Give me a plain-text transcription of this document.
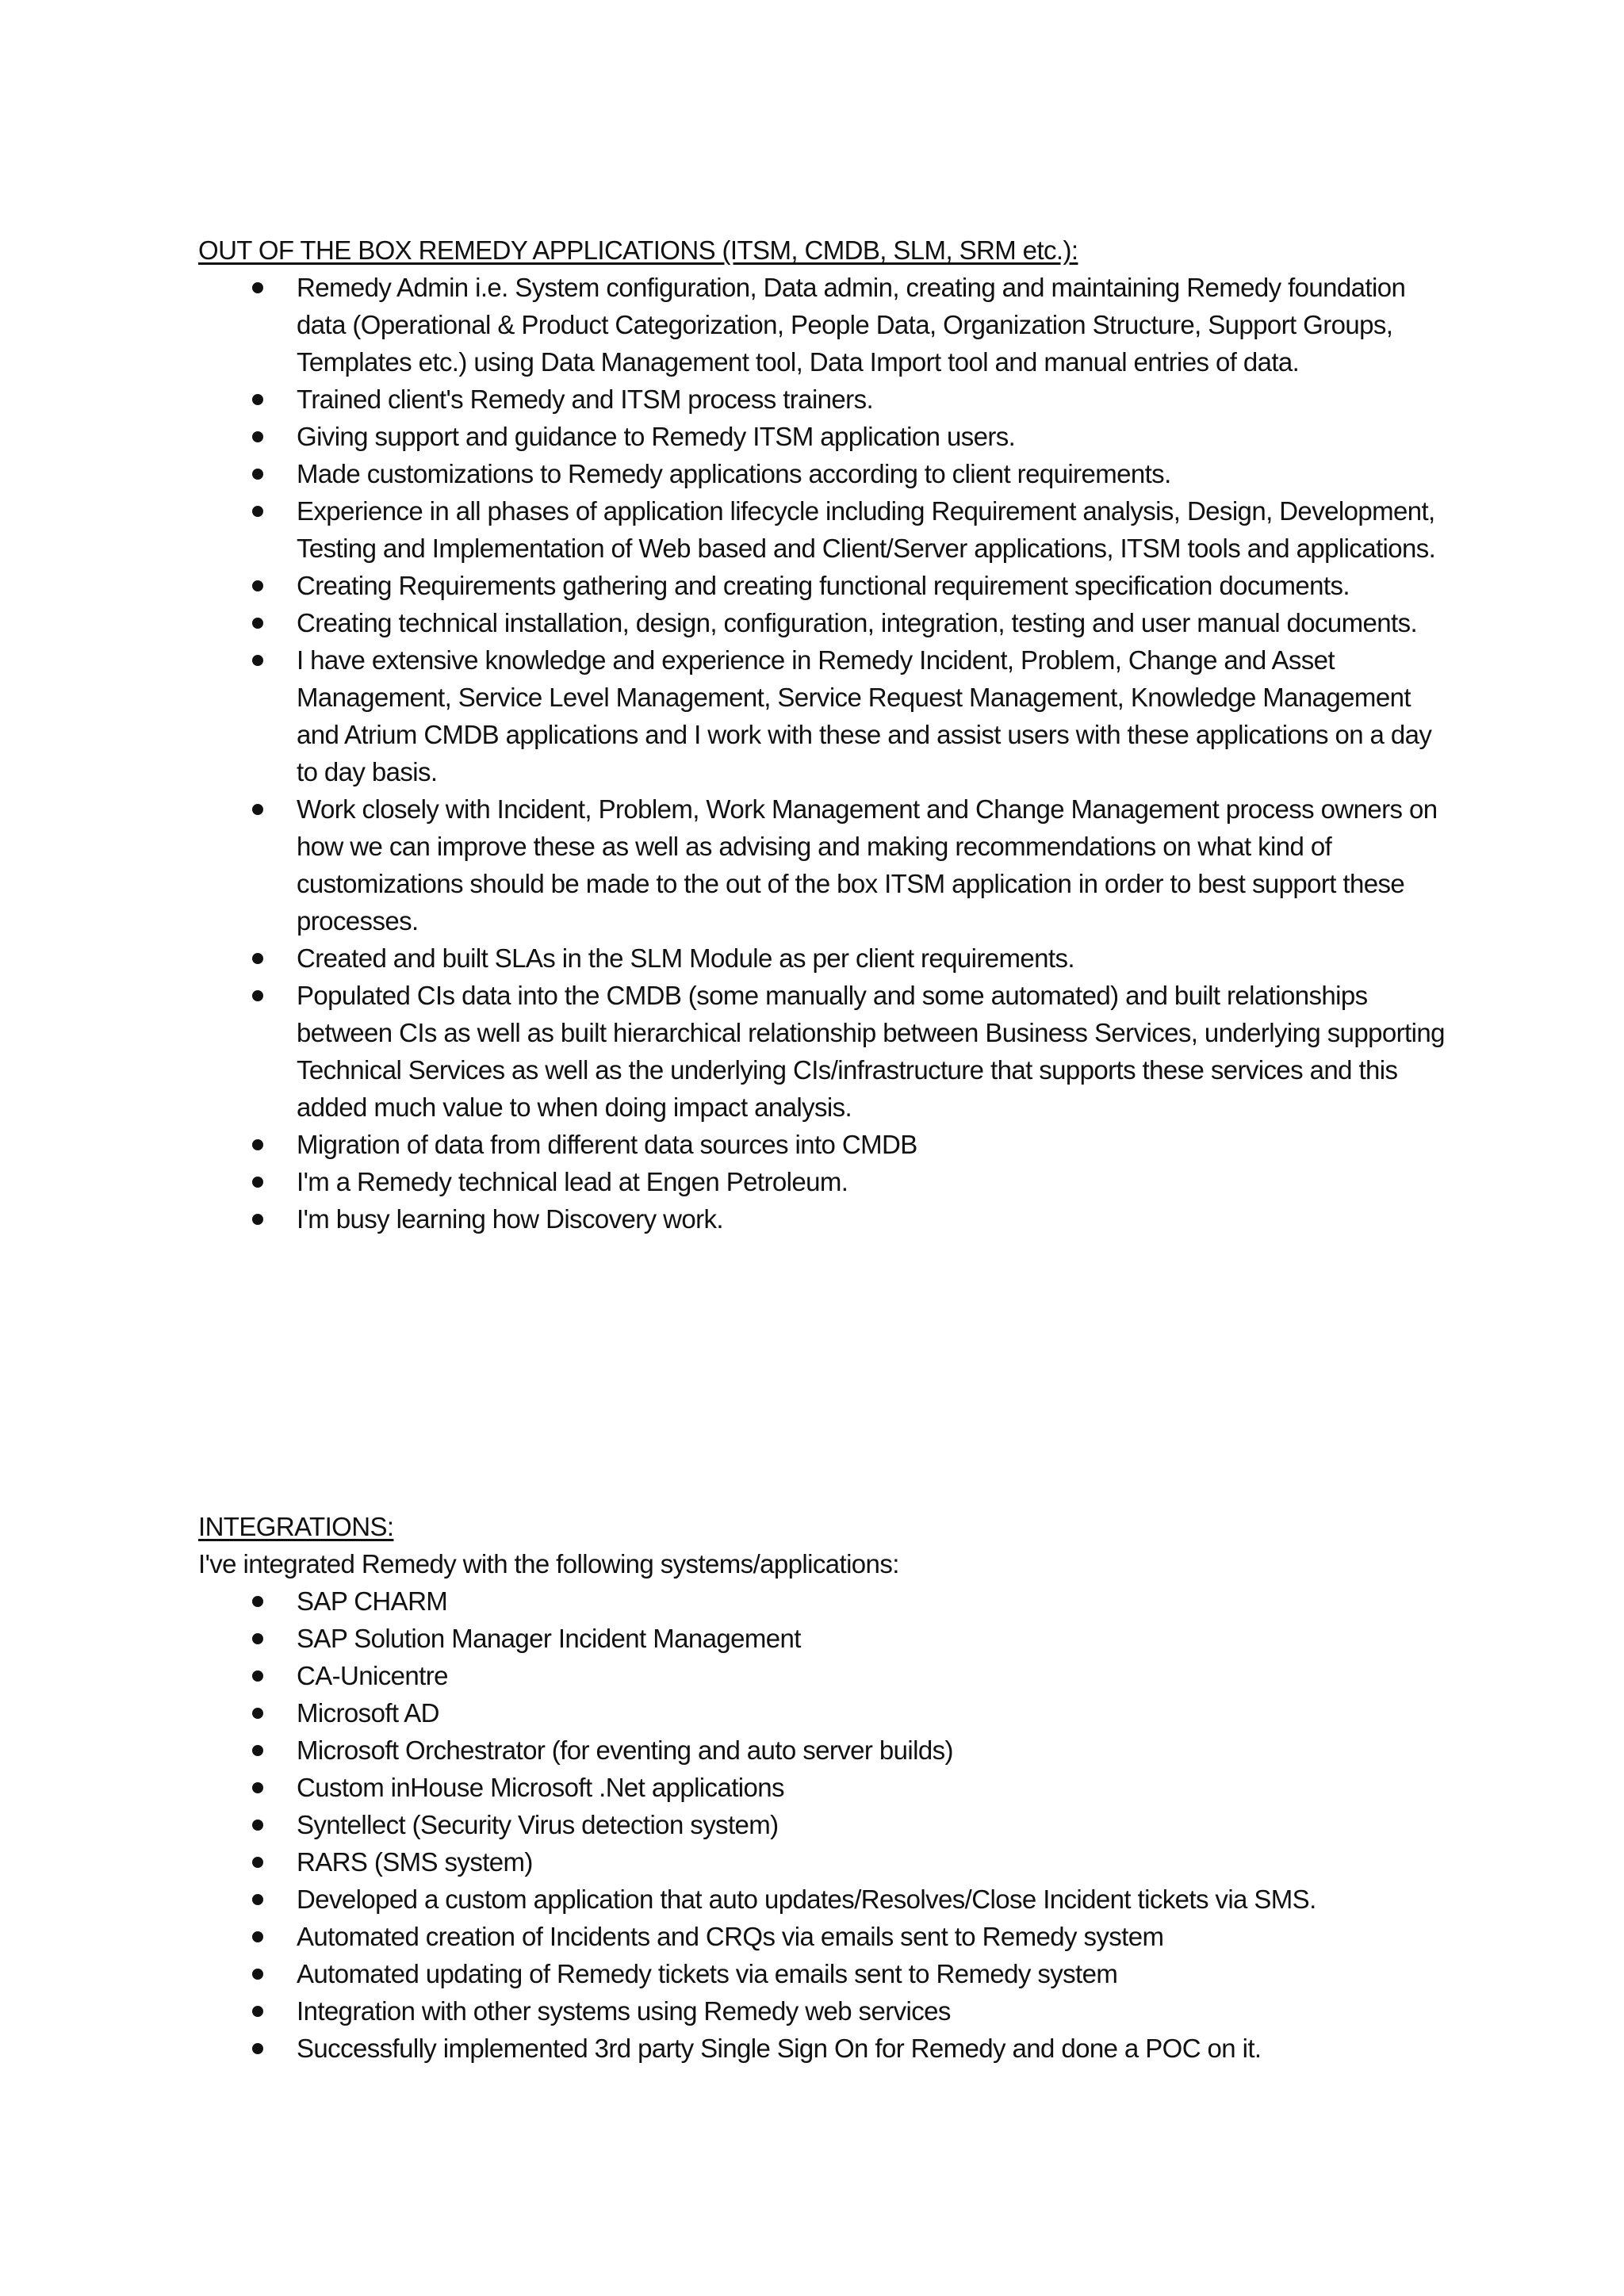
OUT OF THE BOX REMEDY APPLICATIONS (ITSM, CMDB, SLM, SRM etc.):
Remedy Admin i.e. System configuration, Data admin, creating and maintaining Remedy foundation data (Operational & Product Categorization, People Data, Organization Structure, Support Groups, Templates etc.) using Data Management tool, Data Import tool and manual entries of data.
Trained client's Remedy and ITSM process trainers.
Giving support and guidance to Remedy ITSM application users.
Made customizations to Remedy applications according to client requirements.
Experience in all phases of application lifecycle including Requirement analysis, Design, Development, Testing and Implementation of Web based and Client/Server applications, ITSM tools and applications.
Creating Requirements gathering and creating functional requirement specification documents.
Creating technical installation, design, configuration, integration, testing and user manual documents.
I have extensive knowledge and experience in Remedy Incident, Problem, Change and Asset Management, Service Level Management, Service Request Management, Knowledge Management and Atrium CMDB applications and I work with these and assist users with these applications on a day to day basis.
Work closely with Incident, Problem, Work Management and Change Management process owners on how we can improve these as well as advising and making recommendations on what kind of customizations should be made to the out of the box ITSM application in order to best support these processes.
Created and built SLAs in the SLM Module as per client requirements.
Populated CIs data into the CMDB (some manually and some automated) and built relationships between CIs as well as built hierarchical relationship between Business Services, underlying supporting Technical Services as well as the underlying CIs/infrastructure that supports these services and this added much value to when doing impact analysis.
Migration of data from different data sources into CMDB
I'm a Remedy technical lead at Engen Petroleum.
I'm busy learning how Discovery work.
INTEGRATIONS:

I've integrated Remedy with the following systems/applications:

SAP CHARM
SAP Solution Manager Incident Management
CA-Unicentre
Microsoft AD
Microsoft Orchestrator (for eventing and auto server builds)
Custom inHouse Microsoft .Net applications
Syntellect (Security Virus detection system)
RARS (SMS system)
Developed a custom application that auto updates/Resolves/Close Incident tickets via SMS.
Automated creation of Incidents and CRQs via emails sent to Remedy system
Automated updating of Remedy tickets via emails sent to Remedy system
Integration with other systems using Remedy web services
Successfully implemented 3rd party Single Sign On for Remedy and done a POC on it.
